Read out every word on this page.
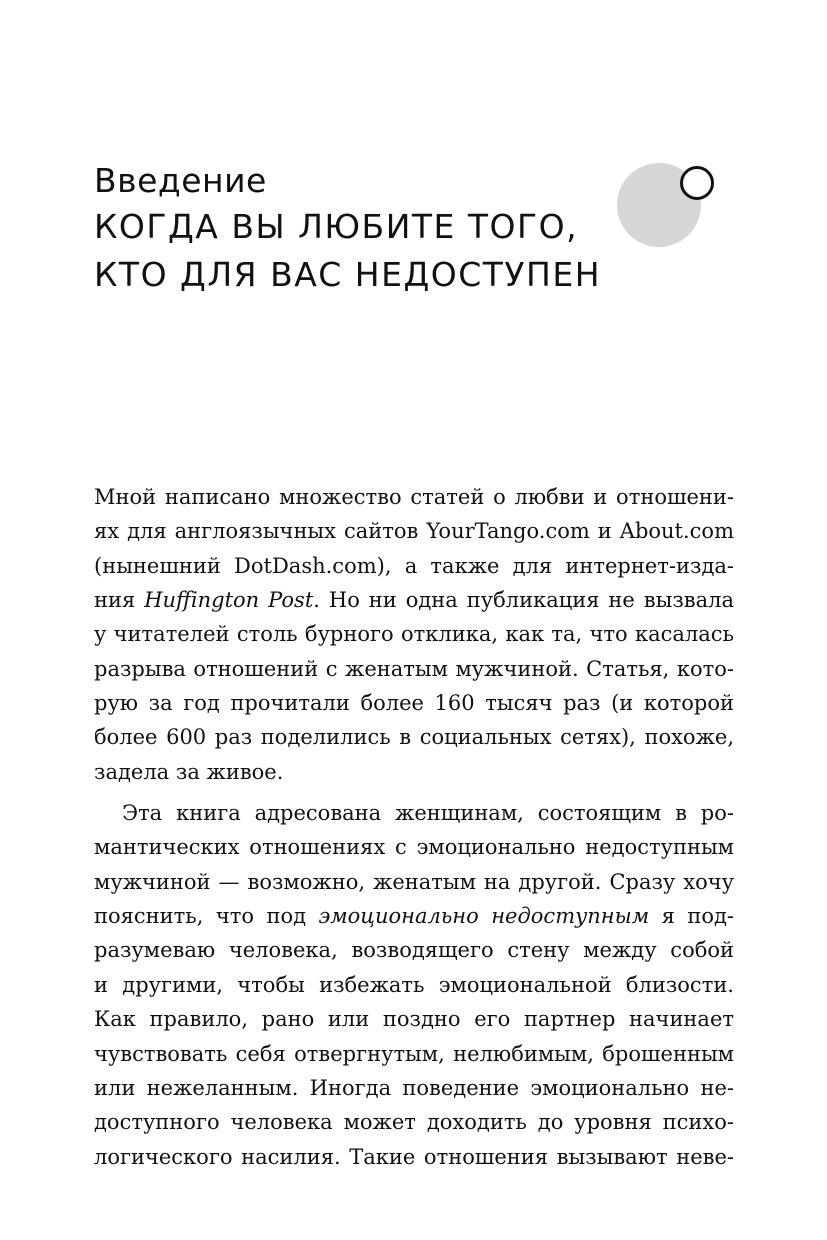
Введение
КОГДА ВЫ ЛЮБИТЕ ТОГО,
КТО ДЛЯ ВАС НЕДОСТУПЕН
Мной написано множество статей о любви и отношени-
ях для англоязычных сайтов YourTango.com и About.com
(нынешний DotDash.com), а также для интернет-изда-
ния Huffington Post. Но ни одна публикация не вызвала
у читателей столь бурного отклика, как та, что касалась
разрыва отношений с женатым мужчиной. Статья, кото-
рую за год прочитали более 160 тысяч раз (и которой
более 600 раз поделились в социальных сетях), похоже,
задела за живое.
Эта книга адресована женщинам, состоящим в ро-
мантических отношениях с эмоционально недоступным
мужчиной — возможно, женатым на другой. Сразу хочу
пояснить, что под эмоционально недоступным я под-
разумеваю человека, возводящего стену между собой
и другими, чтобы избежать эмоциональной близости.
Как правило, рано или поздно его партнер начинает
чувствовать себя отвергнутым, нелюбимым, брошенным
или нежеланным. Иногда поведение эмоционально не-
доступного человека может доходить до уровня психо-
логического насилия. Такие отношения вызывают неве-
